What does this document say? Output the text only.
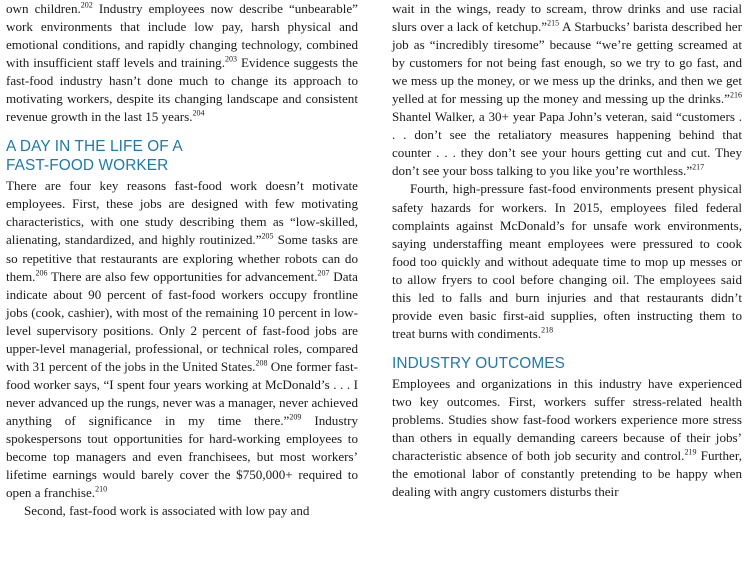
own children.$^{202}$ Industry employees now describe “unbearable” work environments that include low pay, harsh physical and emotional conditions, and rapidly changing technology, combined with insufficient staff levels and training.$^{203}$ Evidence suggests the fast-food industry hasn’t done much to change its approach to motivating workers, despite its changing landscape and consistent revenue growth in the last 15 years.$^{204}$

A DAY IN THE LIFE OF A
FAST-FOOD WORKER

There are four key reasons fast-food work doesn’t motivate employees. First, these jobs are designed with few motivating characteristics, with one study describing them as “low-skilled, alienating, standardized, and highly routinized.”$^{205}$ Some tasks are so repetitive that restaurants are exploring whether robots can do them.$^{206}$ There are also few opportunities for advancement.$^{207}$ Data indicate about 90 percent of fast-food workers occupy frontline jobs (cook, cashier), with most of the remaining 10 percent in low-level supervisory positions. Only 2 percent of fast-food jobs are upper-level managerial, professional, or technical roles, compared with 31 percent of the jobs in the United States.$^{208}$ One former fast-food worker says, “I spent four years working at McDonald’s . . . I never advanced up the rungs, never was a manager, never achieved anything of significance in my time there.”$^{209}$ Industry spokespersons tout opportunities for hard-working employees to become top managers and even franchisees, but most workers’ lifetime earnings would barely cover the $750,000+ required to open a franchise.$^{210}$

Second, fast-food work is associated with low pay and

wait in the wings, ready to scream, throw drinks and use racial slurs over a lack of ketchup.”$^{215}$ A Starbucks’ barista described her job as “incredibly tiresome” because “we’re getting screamed at by customers for not being fast enough, so we try to go fast, and we mess up the money, or we mess up the drinks, and then we get yelled at for messing up the money and messing up the drinks.”$^{216}$ Shantel Walker, a 30+ year Papa John’s veteran, said “customers . . . don’t see the retaliatory measures happening behind that counter . . . they don’t see your hours getting cut and cut. They don’t see your boss talking to you like you’re worthless.”$^{217}$

Fourth, high-pressure fast-food environments present physical safety hazards for workers. In 2015, employees filed federal complaints against McDonald’s for unsafe work environments, saying understaffing meant employees were pressured to cook food too quickly and without adequate time to mop up messes or to allow fryers to cool before changing oil. The employees said this led to falls and burn injuries and that restaurants didn’t provide even basic first-aid supplies, often instructing them to treat burns with condiments.$^{218}$

INDUSTRY OUTCOMES

Employees and organizations in this industry have experienced two key outcomes. First, workers suffer stress-related health problems. Studies show fast-food workers experience more stress than others in equally demanding careers because of their jobs’ characteristic absence of both job security and control.$^{219}$ Further, the emotional labor of constantly pretending to be happy when dealing with angry customers disturbs their
